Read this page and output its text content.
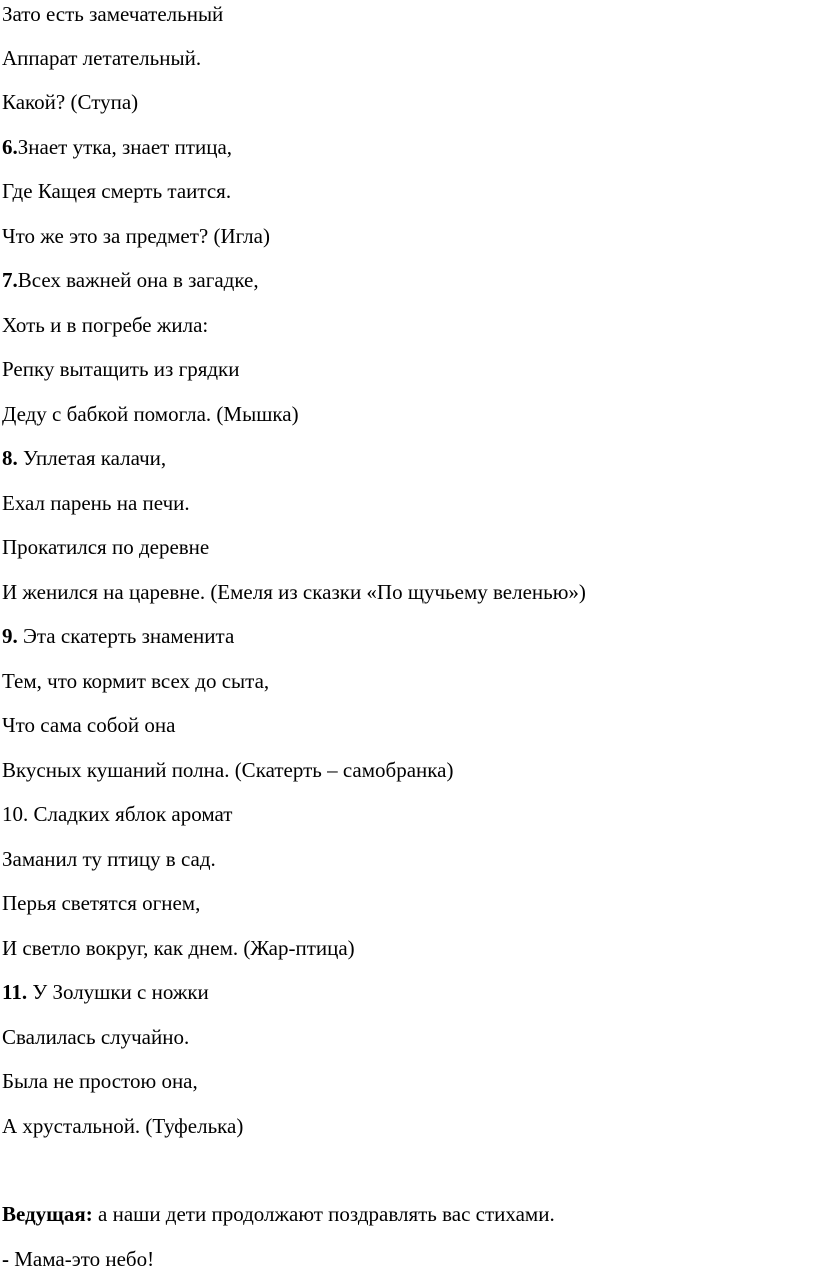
Зато есть замечательный
Аппарат летательный.
Какой? (Ступа)
6.Знает утка, знает птица,
Где Кащея смерть таится.
Что же это за предмет? (Игла)
7.Всех важней она в загадке,
Хоть и в погребе жила:
Репку вытащить из грядки
Деду с бабкой помогла. (Мышка)
8. Уплетая калачи,
Ехал парень на печи.
Прокатился по деревне
И женился на царевне. (Емеля из сказки «По щучьему веленью»)
9. Эта скатерть знаменита
Тем, что кормит всех до сыта,
Что сама собой она
Вкусных кушаний полна. (Скатерть – самобранка)
10. Сладких яблок аромат
Заманил ту птицу в сад.
Перья светятся огнем,
И светло вокруг, как днем. (Жар-птица)
11. У Золушки с ножки
Свалилась случайно.
Была не простою она,
А хрустальной. (Туфелька)
Ведущая: а наши дети продолжают поздравлять вас стихами.
- Мама-это небо!
